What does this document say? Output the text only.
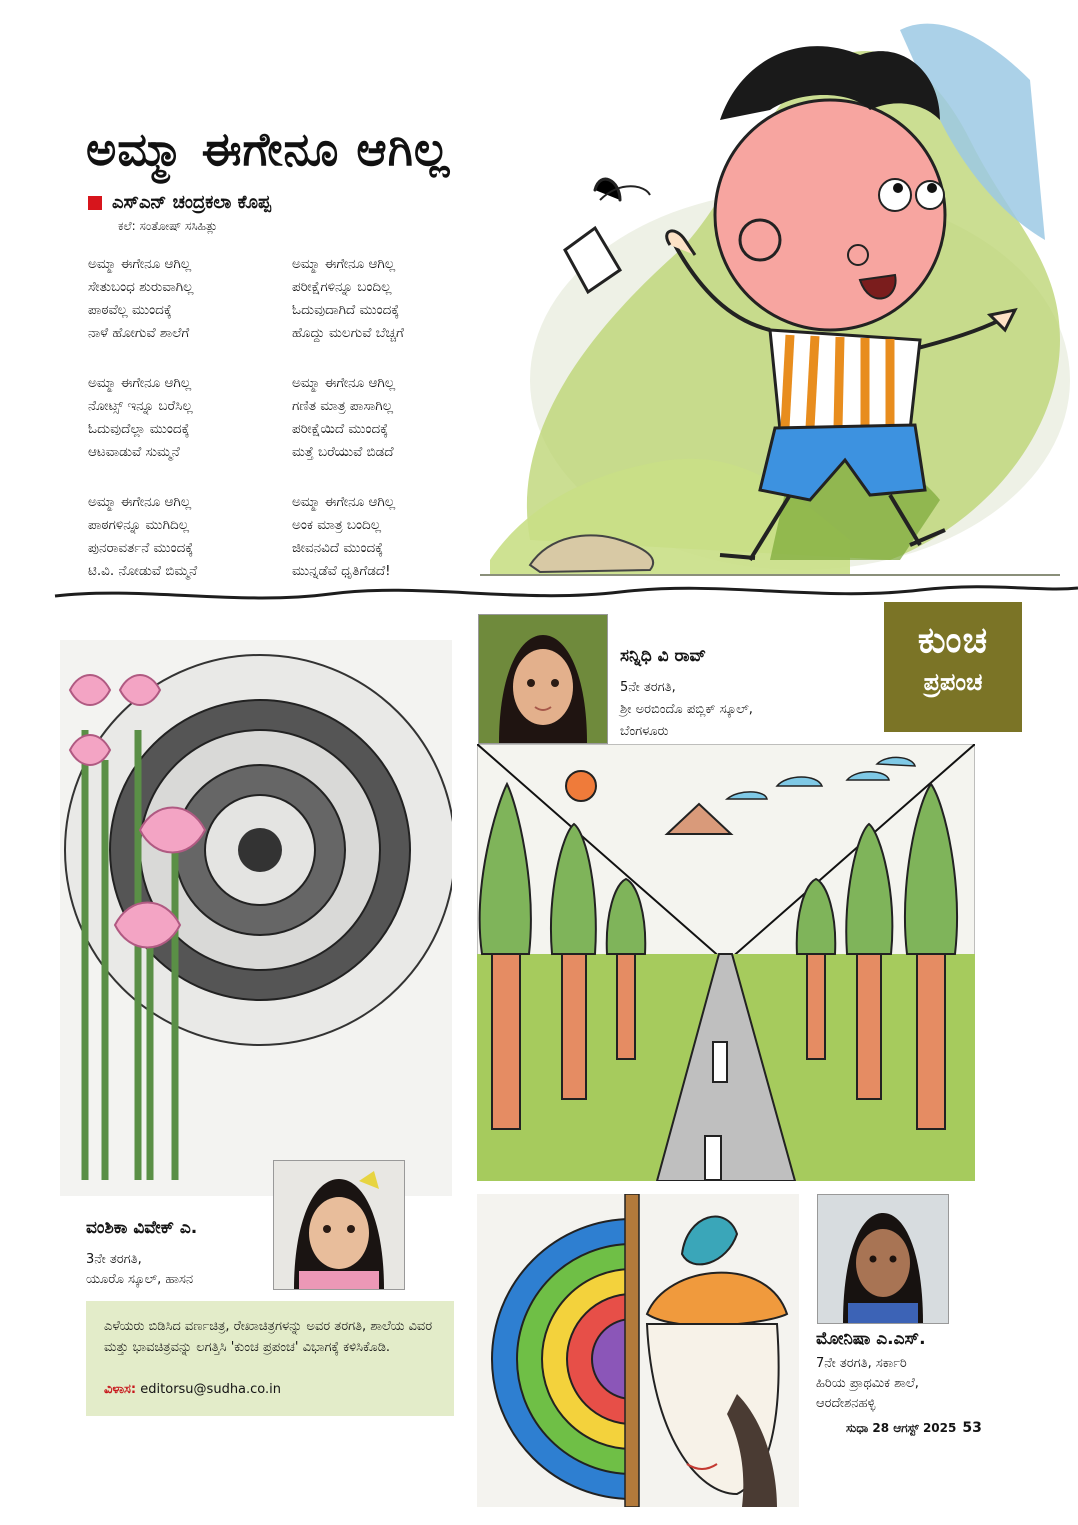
ಅಮ್ಮಾ ಈಗೇನೂ ಆಗಿಲ್ಲ
ಎಸ್‌ಎನ್ ಚಂದ್ರಕಲಾ ಕೊಪ್ಪ
ಕಲೆ: ಸಂತೋಷ್ ಸಸಿಹಿತ್ಲು
ಅಮ್ಮಾ ಈಗೇನೂ ಆಗಿಲ್ಲ
ಸೇತುಬಂಧ ಶುರುವಾಗಿಲ್ಲ
ಪಾಠವೆಲ್ಲ ಮುಂದಕ್ಕೆ
ನಾಳೆ ಹೋಗುವೆ ಶಾಲೆಗೆ
ಅಮ್ಮಾ ಈಗೇನೂ ಆಗಿಲ್ಲ
ನೋಟ್ಸ್ ಇನ್ನೂ ಬರೆಸಿಲ್ಲ
ಓದುವುದೆಲ್ಲಾ ಮುಂದಕ್ಕೆ
ಆಟವಾಡುವೆ ಸುಮ್ಮನೆ
ಅಮ್ಮಾ ಈಗೇನೂ ಆಗಿಲ್ಲ
ಪಾಠಗಳಿನ್ನೂ ಮುಗಿದಿಲ್ಲ
ಪುನರಾವರ್ತನೆ ಮುಂದಕ್ಕೆ
ಟಿ.ವಿ. ನೋಡುವೆ ಬಿಮ್ಮನೆ
ಅಮ್ಮಾ ಈಗೇನೂ ಆಗಿಲ್ಲ
ಪರೀಕ್ಷೆಗಳಿನ್ನೂ ಬಂದಿಲ್ಲ
ಓದುವುದಾಗಿದೆ ಮುಂದಕ್ಕೆ
ಹೊದ್ದು ಮಲಗುವೆ ಬೆಚ್ಚಗೆ
ಅಮ್ಮಾ ಈಗೇನೂ ಆಗಿಲ್ಲ
ಗಣಿತ ಮಾತ್ರ ಪಾಸಾಗಿಲ್ಲ
ಪರೀಕ್ಷೆಯಿದೆ ಮುಂದಕ್ಕೆ
ಮತ್ತೆ ಬರೆಯುವೆ ಬಿಡದೆ
ಅಮ್ಮಾ ಈಗೇನೂ ಆಗಿಲ್ಲ
ಅಂಕ ಮಾತ್ರ ಬಂದಿಲ್ಲ
ಜೀವನವಿದೆ ಮುಂದಕ್ಕೆ
ಮುನ್ನಡೆವೆ ಧೃತಿಗೆಡದೆ!
ಕುಂಚ
ಪ್ರಪಂಚ
ಸನ್ನಿಧಿ ವಿ ರಾವ್
5ನೇ ತರಗತಿ,
ಶ್ರೀ ಅರಬಿಂದೊ ಪಬ್ಲಿಕ್ ಸ್ಕೂಲ್,
ಬೆಂಗಳೂರು
ವಂಶಿಕಾ ವಿವೇಕ್ ಎ.
3ನೇ ತರಗತಿ,
ಯೂರೊ ಸ್ಕೂಲ್, ಹಾಸನ
ಎಳೆಯರು ಬಿಡಿಸಿದ ವರ್ಣಚಿತ್ರ, ರೇಖಾಚಿತ್ರಗಳನ್ನು ಅವರ ತರಗತಿ, ಶಾಲೆಯ ವಿವರ ಮತ್ತು ಭಾವಚಿತ್ರವನ್ನು ಲಗತ್ತಿಸಿ 'ಕುಂಚ ಪ್ರಪಂಚ' ವಿಭಾಗಕ್ಕೆ ಕಳಿಸಿಕೊಡಿ.
ವಿಳಾಸ: editorsu@sudha.co.in
ಮೋನಿಷಾ ಎ.ಎಸ್.
7ನೇ ತರಗತಿ, ಸರ್ಕಾರಿ
ಹಿರಿಯ ಪ್ರಾಥಮಿಕ ಶಾಲೆ,
ಆರದೇಶನಹಳ್ಳಿ
ಸುಧಾ 28 ಆಗಸ್ಟ್ 2025 53
